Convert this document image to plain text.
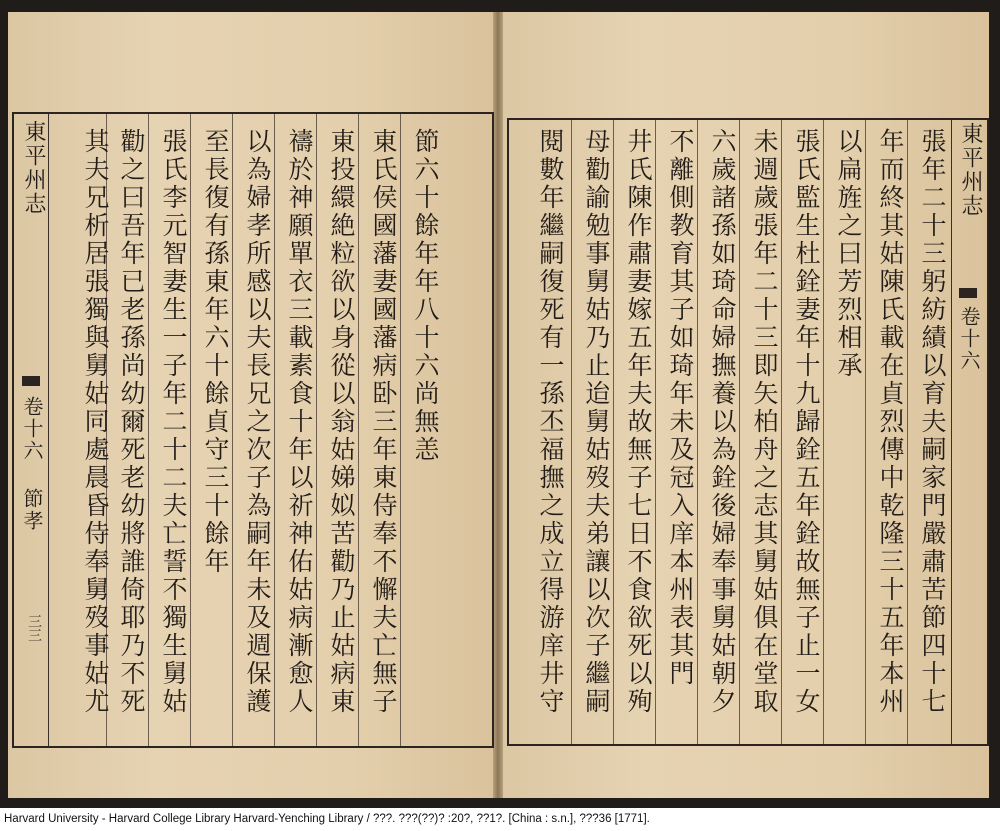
節六十餘年年八十六尚無恙
東氏侯國藩妻國藩病卧三年東侍奉不懈夫亡無子
東投繯絶粒欲以身從以翁姑娣姒苦勸乃止姑病東
禱於神願單衣三載素食十年以祈神佑姑病漸愈人
以為婦孝所感以夫長兄之次子為嗣年未及週保護
至長復有孫東年六十餘貞守三十餘年
張氏李元智妻生一子年二十二夫亡誓不獨生舅姑
勸之曰吾年已老孫尚幼爾死老幼將誰倚耶乃不死
其夫兄析居張獨與舅姑同處晨昏侍奉舅歿事姑尤
東平州志
卷十六 節孝
三三	張年二十三躬紡績以育夫嗣家門嚴肅苦節四十七
年而終其姑陳氏載在貞烈傳中乾隆三十五年本州
以扁旌之曰芳烈相承
張氏監生杜銓妻年十九歸銓五年銓故無子止一女
未週歲張年二十三即矢柏舟之志其舅姑俱在堂取
六歲諸孫如琦命婦撫養以為銓後婦奉事舅姑朝夕
不離側教育其子如琦年未及冠入庠本州表其門
井氏陳作肅妻嫁五年夫故無子七日不食欲死以殉
母勸諭勉事舅姑乃止迨舅姑歿夫弟讓以次子繼嗣
閱數年繼嗣復死有一孫丕福撫之成立得游庠井守	東平州志
卷十六
Harvard University - Harvard College Library Harvard-Yenching Library / ???. ???(??)? :20?, ??1?. [China : s.n.], ???36 [1771].
